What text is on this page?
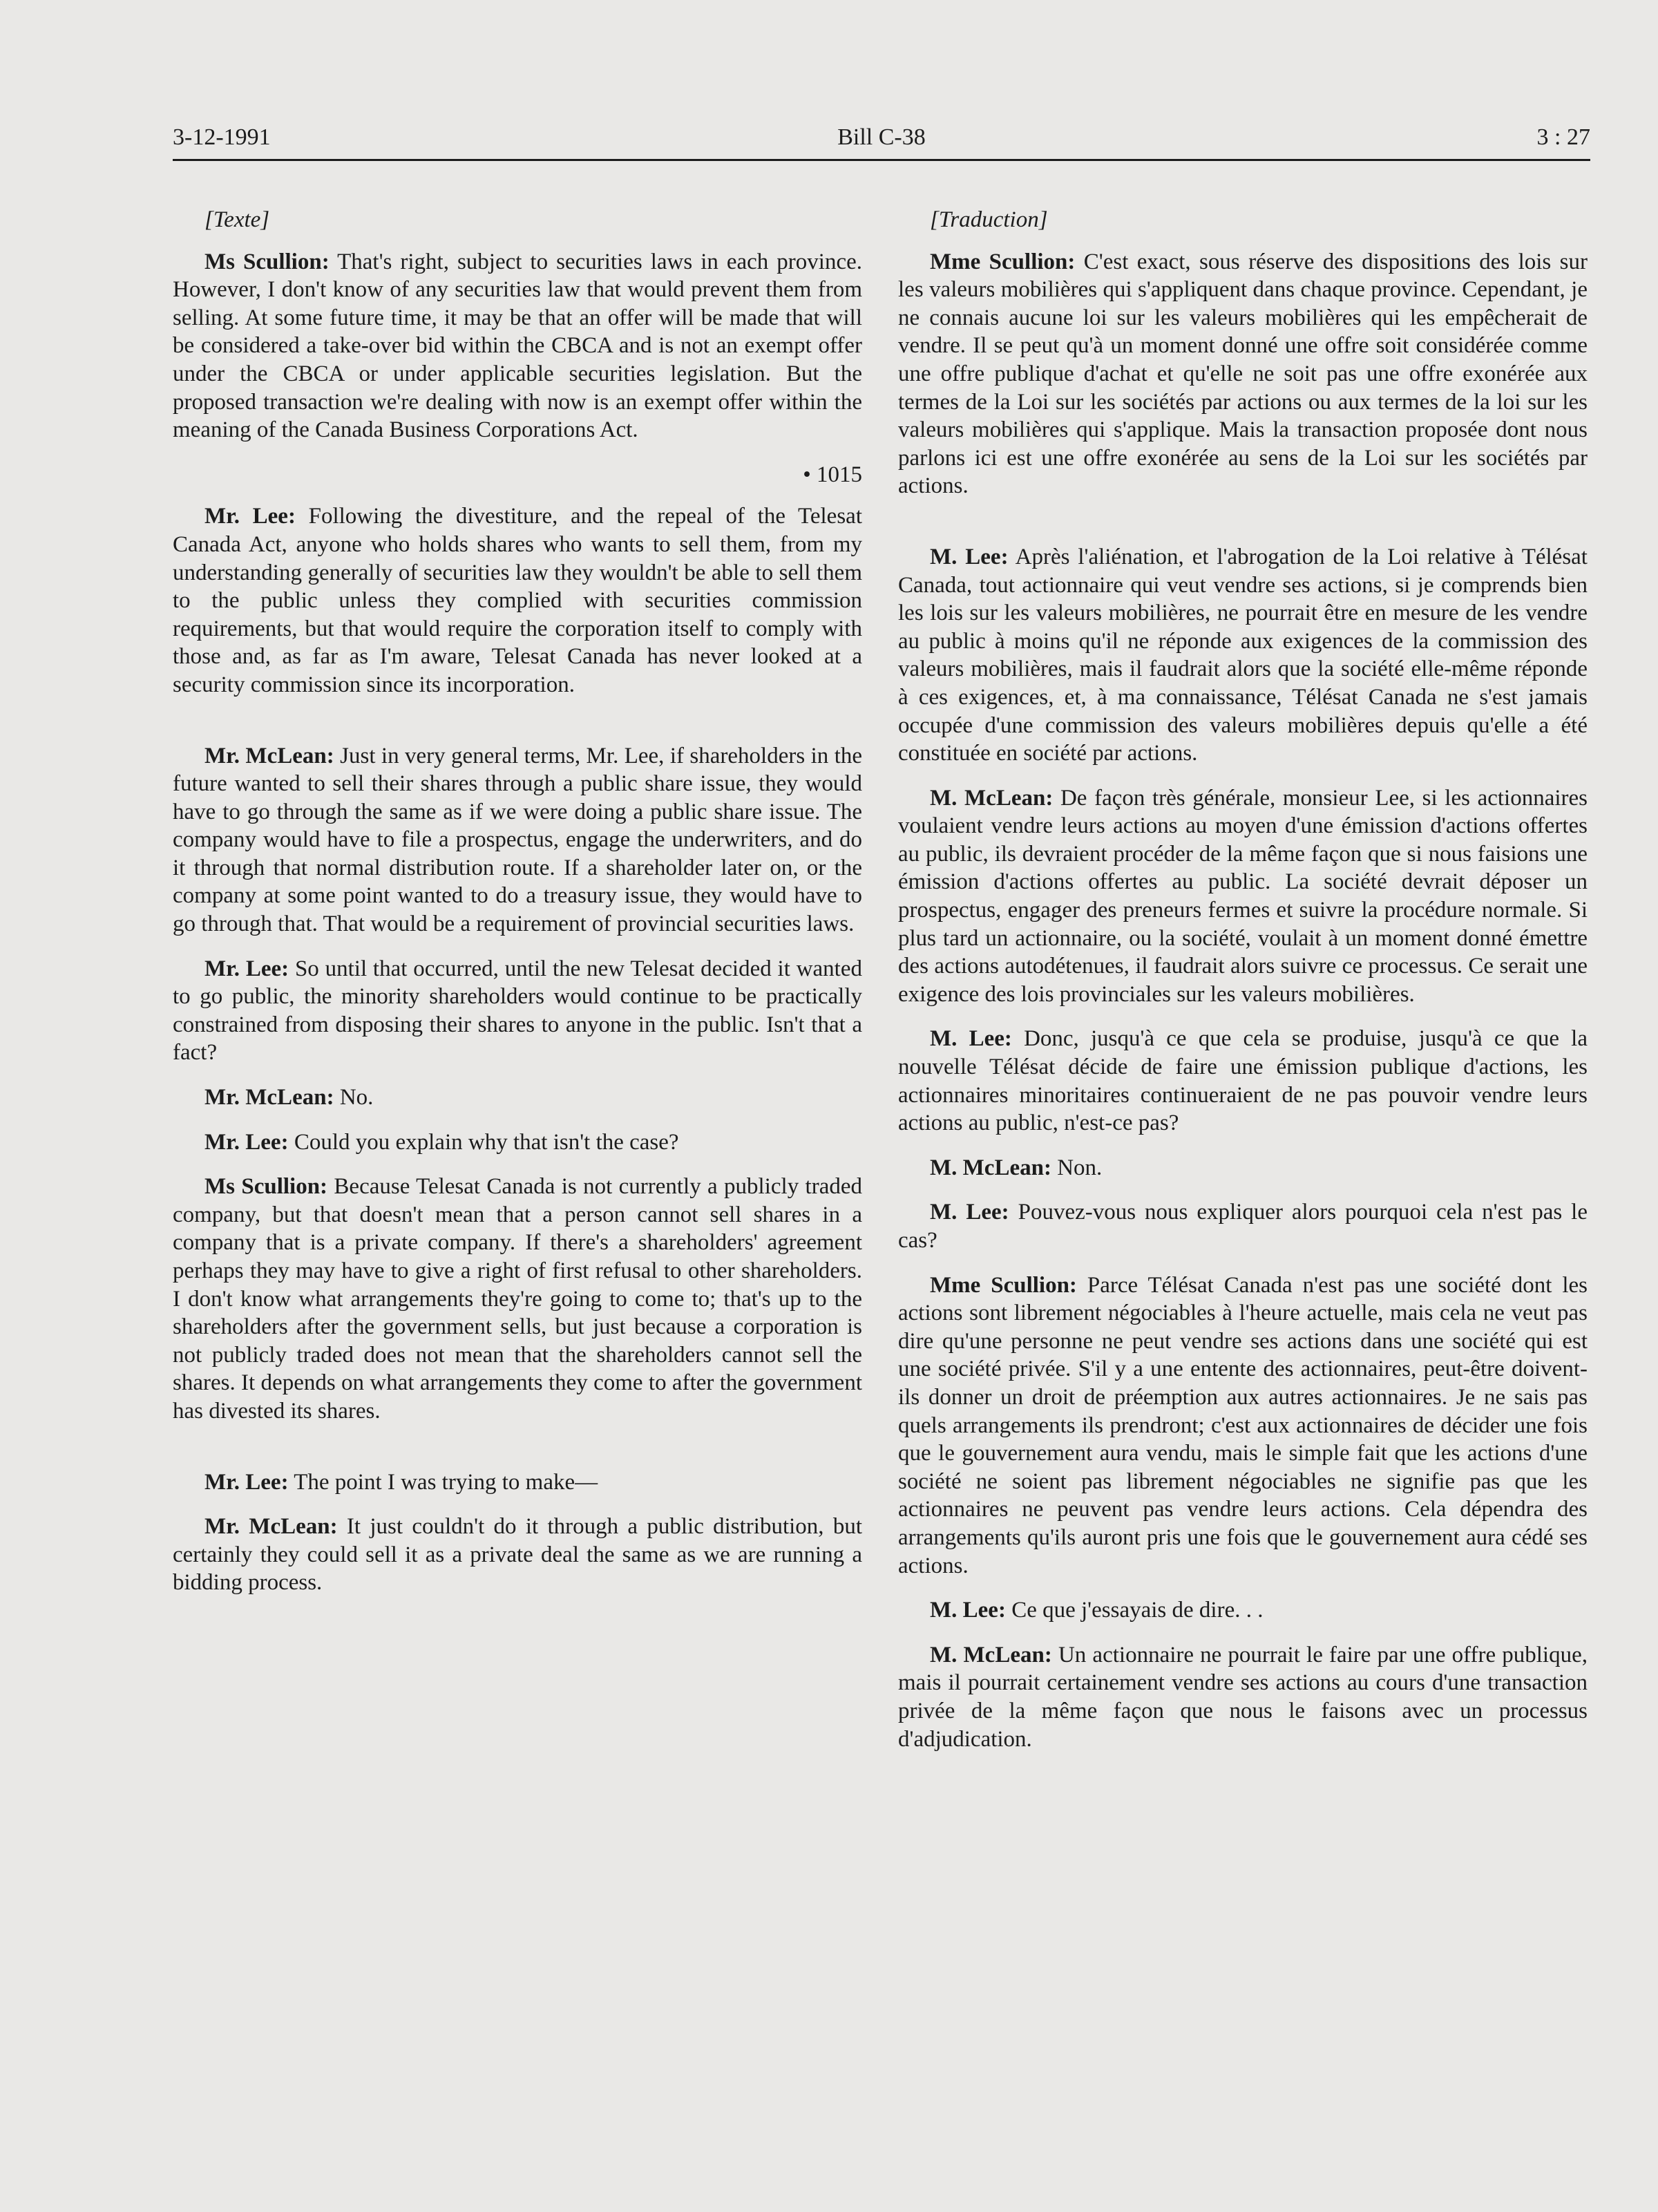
3-12-1991	Bill C-38	3 : 27

[Texte]

Ms Scullion: That's right, subject to securities laws in each province. However, I don't know of any securities law that would prevent them from selling. At some future time, it may be that an offer will be made that will be considered a take-over bid within the CBCA and is not an exempt offer under the CBCA or under applicable securities legislation. But the proposed transaction we're dealing with now is an exempt offer within the meaning of the Canada Business Corporations Act.

• 1015

Mr. Lee: Following the divestiture, and the repeal of the Telesat Canada Act, anyone who holds shares who wants to sell them, from my understanding generally of securities law they wouldn't be able to sell them to the public unless they complied with securities commission requirements, but that would require the corporation itself to comply with those and, as far as I'm aware, Telesat Canada has never looked at a security commission since its incorporation.

Mr. McLean: Just in very general terms, Mr. Lee, if shareholders in the future wanted to sell their shares through a public share issue, they would have to go through the same as if we were doing a public share issue. The company would have to file a prospectus, engage the underwriters, and do it through that normal distribution route. If a shareholder later on, or the company at some point wanted to do a treasury issue, they would have to go through that. That would be a requirement of provincial securities laws.

Mr. Lee: So until that occurred, until the new Telesat decided it wanted to go public, the minority shareholders would continue to be practically constrained from disposing their shares to anyone in the public. Isn't that a fact?

Mr. McLean: No.

Mr. Lee: Could you explain why that isn't the case?

Ms Scullion: Because Telesat Canada is not currently a publicly traded company, but that doesn't mean that a person cannot sell shares in a company that is a private company. If there's a shareholders' agreement perhaps they may have to give a right of first refusal to other shareholders. I don't know what arrangements they're going to come to; that's up to the shareholders after the government sells, but just because a corporation is not publicly traded does not mean that the shareholders cannot sell the shares. It depends on what arrangements they come to after the government has divested its shares.

Mr. Lee: The point I was trying to make—

Mr. McLean: It just couldn't do it through a public distribution, but certainly they could sell it as a private deal the same as we are running a bidding process.

[Traduction]

Mme Scullion: C'est exact, sous réserve des dispositions des lois sur les valeurs mobilières qui s'appliquent dans chaque province. Cependant, je ne connais aucune loi sur les valeurs mobilières qui les empêcherait de vendre. Il se peut qu'à un moment donné une offre soit considérée comme une offre publique d'achat et qu'elle ne soit pas une offre exonérée aux termes de la Loi sur les sociétés par actions ou aux termes de la loi sur les valeurs mobilières qui s'applique. Mais la transaction proposée dont nous parlons ici est une offre exonérée au sens de la Loi sur les sociétés par actions.

M. Lee: Après l'aliénation, et l'abrogation de la Loi relative à Télésat Canada, tout actionnaire qui veut vendre ses actions, si je comprends bien les lois sur les valeurs mobilières, ne pourrait être en mesure de les vendre au public à moins qu'il ne réponde aux exigences de la commission des valeurs mobilières, mais il faudrait alors que la société elle-même réponde à ces exigences, et, à ma connaissance, Télésat Canada ne s'est jamais occupée d'une commission des valeurs mobilières depuis qu'elle a été constituée en société par actions.

M. McLean: De façon très générale, monsieur Lee, si les actionnaires voulaient vendre leurs actions au moyen d'une émission d'actions offertes au public, ils devraient procéder de la même façon que si nous faisions une émission d'actions offertes au public. La société devrait déposer un prospectus, engager des preneurs fermes et suivre la procédure normale. Si plus tard un actionnaire, ou la société, voulait à un moment donné émettre des actions autodétenues, il faudrait alors suivre ce processus. Ce serait une exigence des lois provinciales sur les valeurs mobilières.

M. Lee: Donc, jusqu'à ce que cela se produise, jusqu'à ce que la nouvelle Télésat décide de faire une émission publique d'actions, les actionnaires minoritaires continueraient de ne pas pouvoir vendre leurs actions au public, n'est-ce pas?

M. McLean: Non.

M. Lee: Pouvez-vous nous expliquer alors pourquoi cela n'est pas le cas?

Mme Scullion: Parce Télésat Canada n'est pas une société dont les actions sont librement négociables à l'heure actuelle, mais cela ne veut pas dire qu'une personne ne peut vendre ses actions dans une société qui est une société privée. S'il y a une entente des actionnaires, peut-être doivent-ils donner un droit de préemption aux autres actionnaires. Je ne sais pas quels arrangements ils prendront; c'est aux actionnaires de décider une fois que le gouvernement aura vendu, mais le simple fait que les actions d'une société ne soient pas librement négociables ne signifie pas que les actionnaires ne peuvent pas vendre leurs actions. Cela dépendra des arrangements qu'ils auront pris une fois que le gouvernement aura cédé ses actions.

M. Lee: Ce que j'essayais de dire. . .

M. McLean: Un actionnaire ne pourrait le faire par une offre publique, mais il pourrait certainement vendre ses actions au cours d'une transaction privée de la même façon que nous le faisons avec un processus d'adjudication.
